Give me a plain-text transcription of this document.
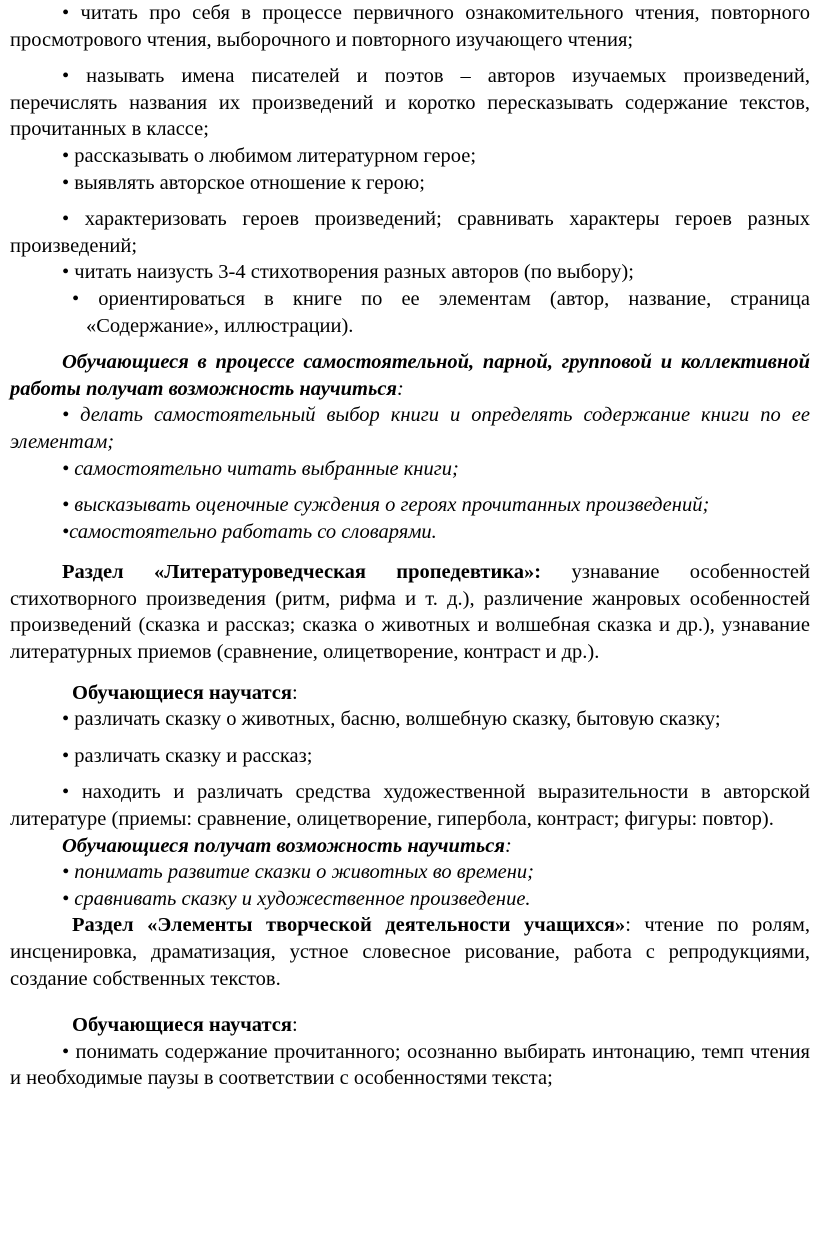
• читать про себя в процессе первичного ознакомительного чтения, повторного просмотрового чтения, выборочного и повторного изучающего чтения;

• называть имена писателей и поэтов – авторов изучаемых произведений, перечислять названия их произведений и коротко пересказывать содержание текстов, прочитанных в классе;

• рассказывать о любимом литературном герое;

• выявлять авторское отношение к герою;

• характеризовать героев произведений; сравнивать характеры героев разных произведений;

• читать наизусть 3-4 стихотворения разных авторов (по выбору);

• ориентироваться в книге по ее элементам (автор, название, страница «Содержание», иллюстрации).

Обучающиеся в процессе самостоятельной, парной, групповой и коллективной работы получат возможность научиться:

• делать самостоятельный выбор книги и определять содержание книги по ее элементам;

• самостоятельно читать выбранные книги;

• высказывать оценочные суждения о героях прочитанных произведений;

•самостоятельно работать со словарями.

Раздел «Литературоведческая пропедевтика»: узнавание особенностей стихотворного произведения (ритм, рифма и т. д.), различение жанровых особенностей произведений (сказка и рассказ; сказка о животных и волшебная сказка и др.), узнавание литературных приемов (сравнение, олицетворение, контраст и др.).

Обучающиеся научатся:

• различать сказку о животных, басню, волшебную сказку, бытовую сказку;

• различать сказку и рассказ;

• находить и различать средства художественной выразительности в авторской литературе (приемы: сравнение, олицетворение, гипербола, контраст; фигуры: повтор).

Обучающиеся получат возможность научиться:

• понимать развитие сказки о животных во времени;

• сравнивать сказку и художественное произведение.

Раздел «Элементы творческой деятельности учащихся»: чтение по ролям, инсценировка, драматизация, устное словесное рисование, работа с репродукциями, создание собственных текстов.

Обучающиеся научатся:

• понимать содержание прочитанного; осознанно выбирать интонацию, темп чтения и необходимые паузы в соответствии с особенностями текста;
